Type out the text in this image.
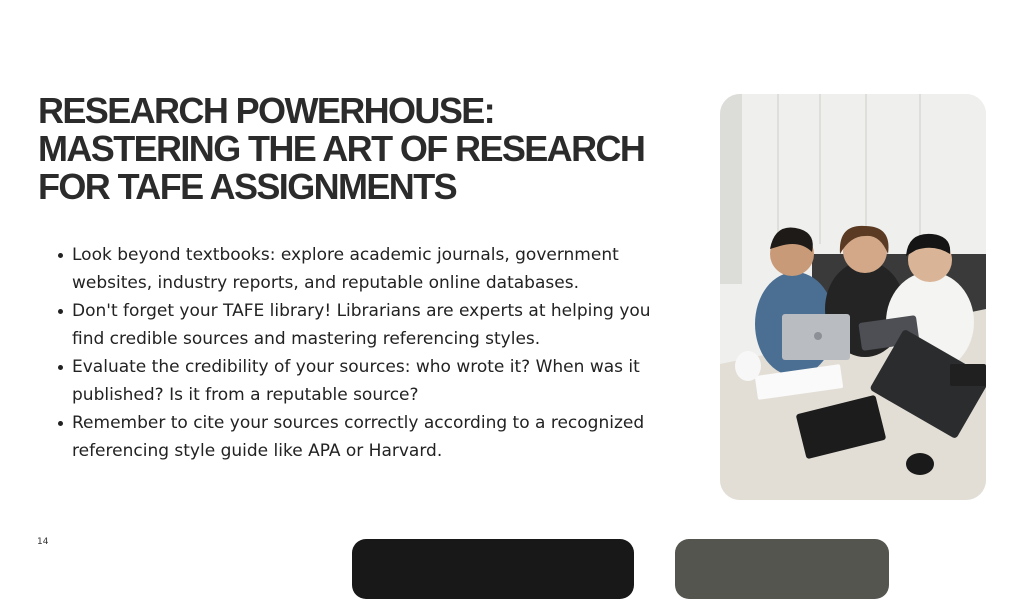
RESEARCH POWERHOUSE:
MASTERING THE ART OF RESEARCH
FOR TAFE ASSIGNMENTS
Look beyond textbooks: explore academic journals, government websites, industry reports, and reputable online databases.
Don't forget your TAFE library! Librarians are experts at helping you find credible sources and mastering referencing styles.
Evaluate the credibility of your sources: who wrote it? When was it published? Is it from a reputable source?
Remember to cite your sources correctly according to a recognized referencing style guide like APA or Harvard.
14
